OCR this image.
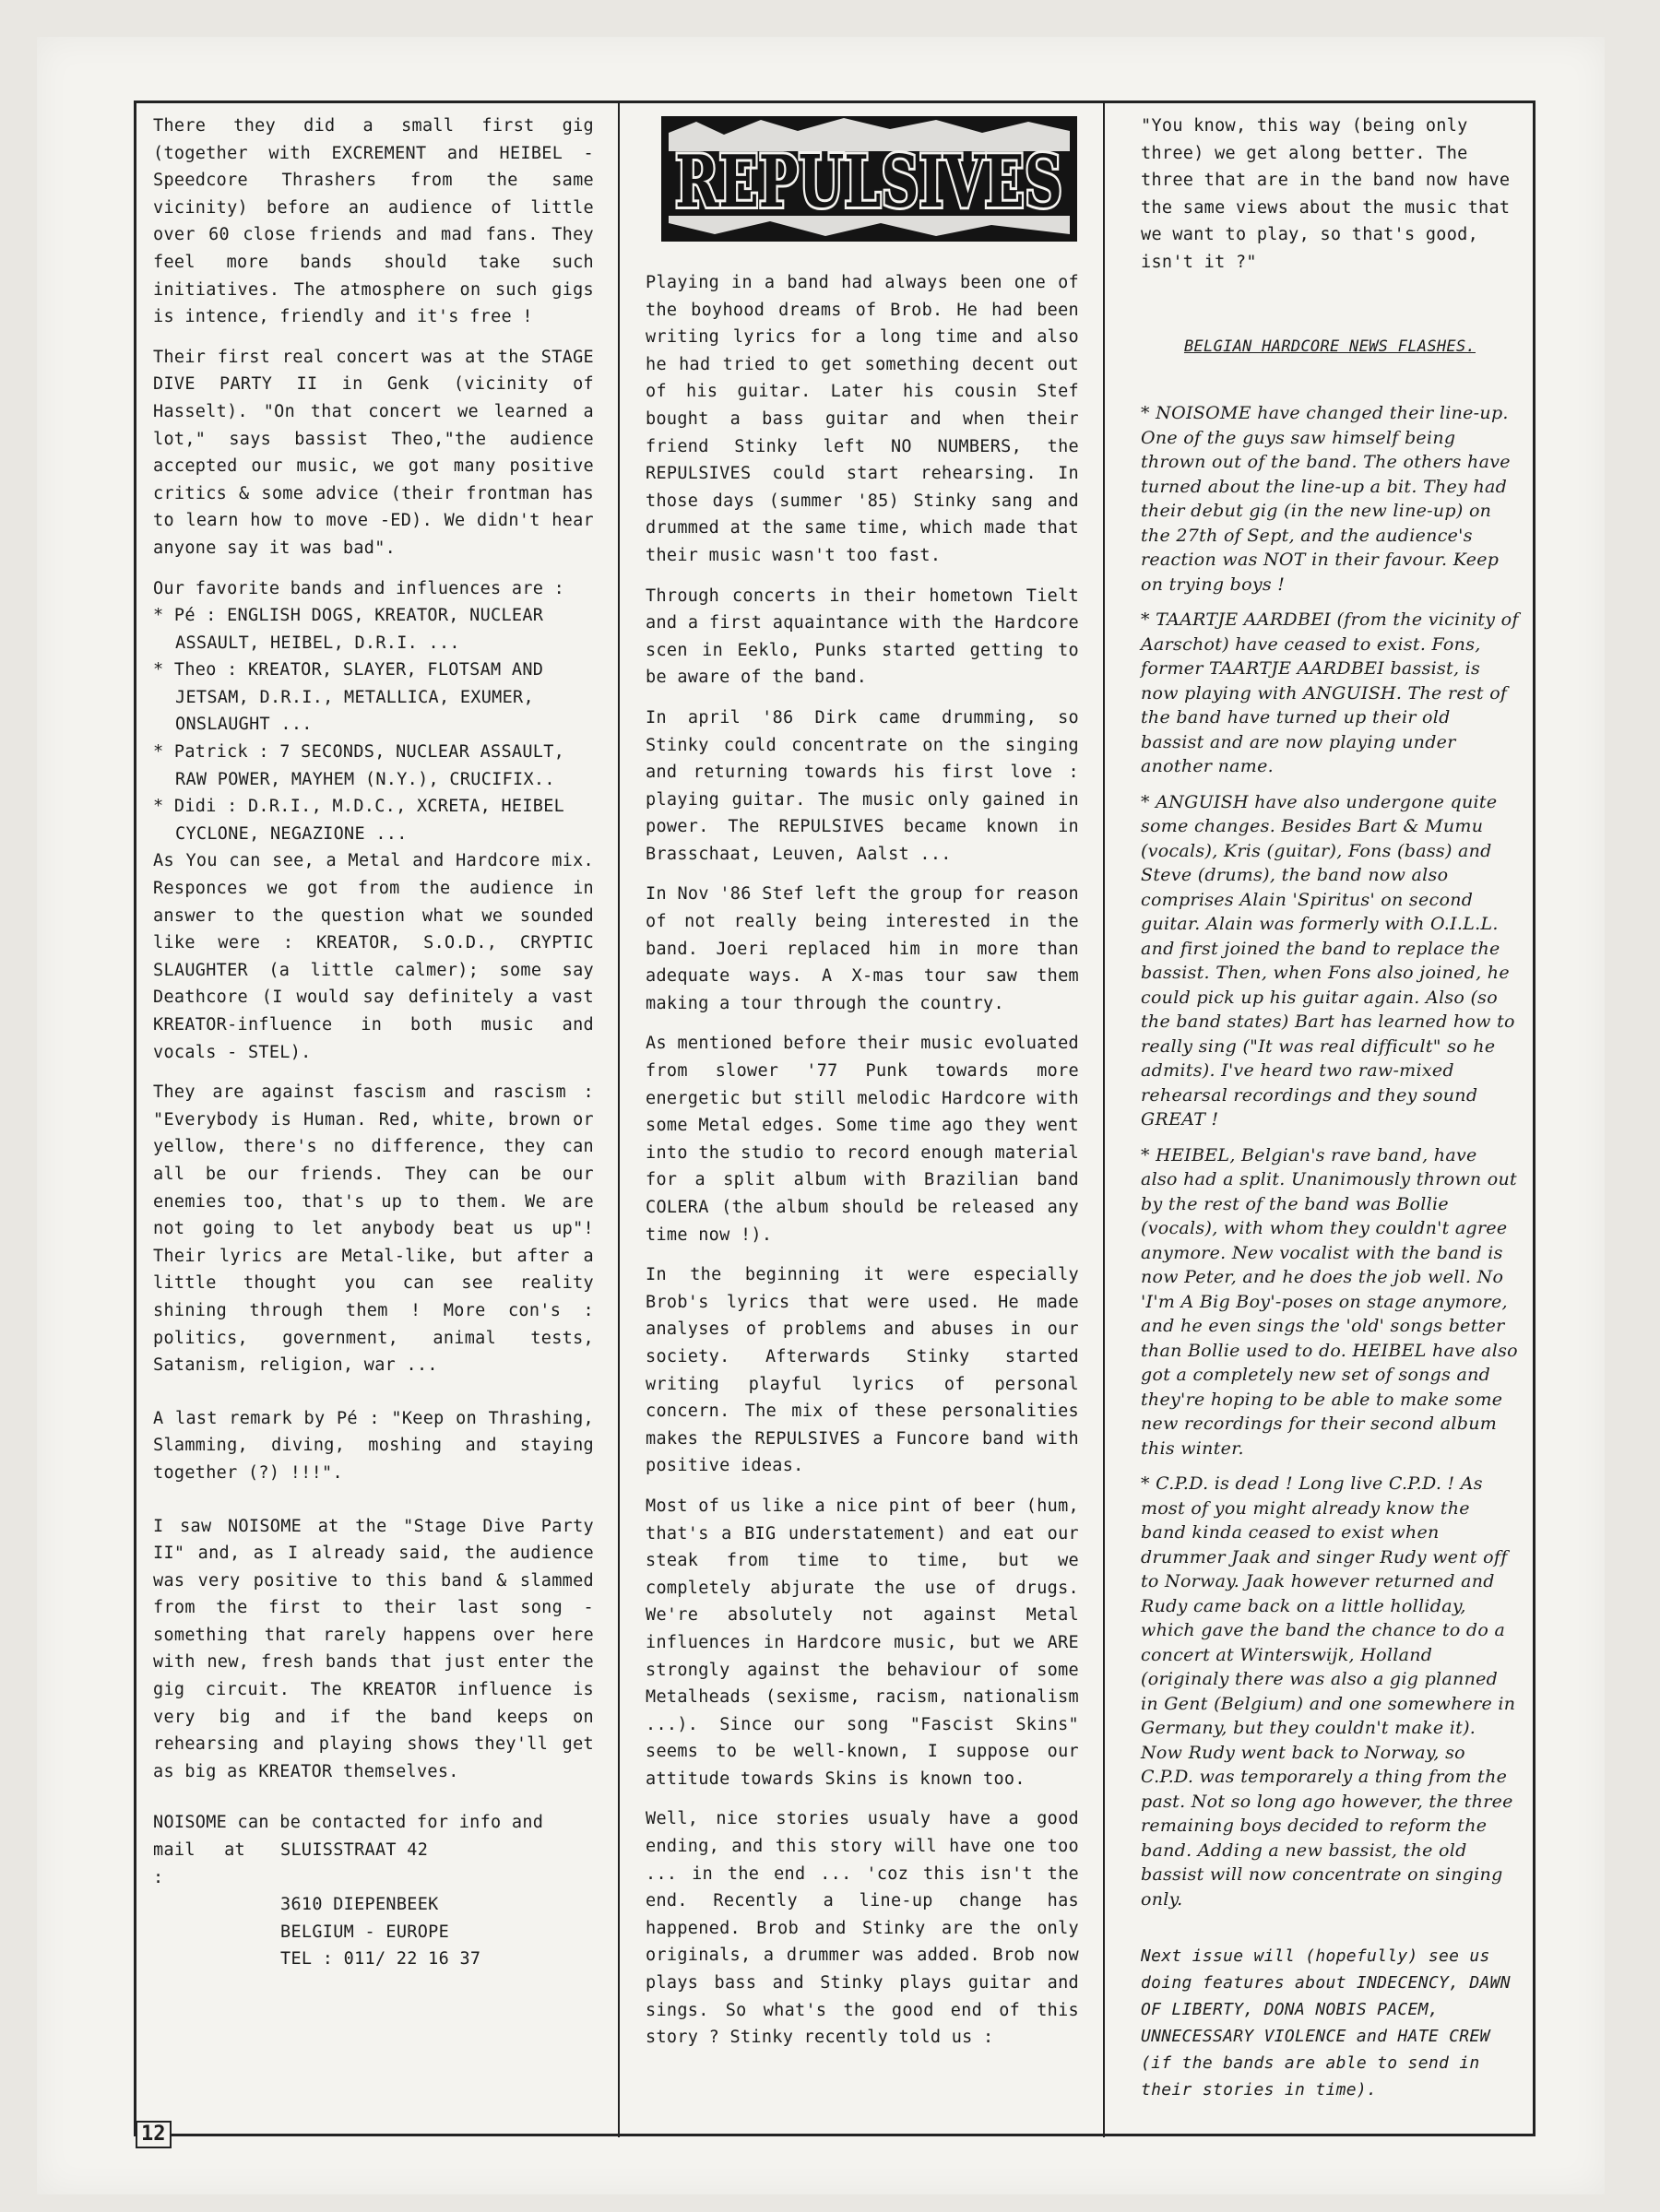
There they did a small first gig (together with EXCREMENT and HEIBEL - Speedcore Thrashers from the same vicinity) before an audience of little over 60 close friends and mad fans. They feel more bands should take such initiatives. The atmosphere on such gigs is intence, friendly and it's free !

Their first real concert was at the STAGE DIVE PARTY II in Genk (vicinity of Hasselt). "On that concert we learned a lot," says bassist Theo,"the audience accepted our music, we got many positive critics & some advice (their frontman has to learn how to move -ED). We didn't hear anyone say it was bad".

Our favorite bands and influences are :

* Pé : ENGLISH DOGS, KREATOR, NUCLEAR ASSAULT, HEIBEL, D.R.I. ...
* Theo : KREATOR, SLAYER, FLOTSAM AND JETSAM, D.R.I., METALLICA, EXUMER, ONSLAUGHT ...
* Patrick : 7 SECONDS, NUCLEAR ASSAULT, RAW POWER, MAYHEM (N.Y.), CRUCIFIX..
* Didi : D.R.I., M.D.C., XCRETA, HEIBEL CYCLONE, NEGAZIONE ...

As You can see, a Metal and Hardcore mix. Responces we got from the audience in answer to the question what we sounded like were : KREATOR, S.O.D., CRYPTIC SLAUGHTER (a little calmer); some say Deathcore (I would say definitely a vast KREATOR-influence in both music and vocals - STEL).

They are against fascism and rascism : "Everybody is Human. Red, white, brown or yellow, there's no difference, they can all be our friends. They can be our enemies too, that's up to them. We are not going to let anybody beat us up"! Their lyrics are Metal-like, but after a little thought you can see reality shining through them ! More con's : politics, government, animal tests, Satanism, religion, war ...

A last remark by Pé : "Keep on Thrashing, Slamming, diving, moshing and staying together (?) !!!".

I saw NOISOME at the "Stage Dive Party II" and, as I already said, the audience was very positive to this band & slammed from the first to their last song - something that rarely happens over here with new, fresh bands that just enter the gig circuit. The KREATOR influence is very big and if the band keeps on rehearsing and playing shows they'll get as big as KREATOR themselves.

NOISOME can be contacted for info and
mail at :
SLUISSTRAAT 42
3610 DIEPENBEEK
BELGIUM - EUROPE
TEL : 011/ 22 16 37
REPULSIVES

Playing in a band had always been one of the boyhood dreams of Brob. He had been writing lyrics for a long time and also he had tried to get something decent out of his guitar. Later his cousin Stef bought a bass guitar and when their friend Stinky left NO NUMBERS, the REPULSIVES could start rehearsing. In those days (summer '85) Stinky sang and drummed at the same time, which made that their music wasn't too fast.

Through concerts in their hometown Tielt and a first aquaintance with the Hardcore scen in Eeklo, Punks started getting to be aware of the band.

In april '86 Dirk came drumming, so Stinky could concentrate on the singing and returning towards his first love : playing guitar. The music only gained in power. The REPULSIVES became known in Brasschaat, Leuven, Aalst ...

In Nov '86 Stef left the group for reason of not really being interested in the band. Joeri replaced him in more than adequate ways. A X-mas tour saw them making a tour through the country.

As mentioned before their music evoluated from slower '77 Punk towards more energetic but still melodic Hardcore with some Metal edges. Some time ago they went into the studio to record enough material for a split album with Brazilian band COLERA (the album should be released any time now !).

In the beginning it were especially Brob's lyrics that were used. He made analyses of problems and abuses in our society. Afterwards Stinky started writing playful lyrics of personal concern. The mix of these personalities makes the REPULSIVES a Funcore band with positive ideas.

Most of us like a nice pint of beer (hum, that's a BIG understatement) and eat our steak from time to time, but we completely abjurate the use of drugs. We're absolutely not against Metal influences in Hardcore music, but we ARE strongly against the behaviour of some Metalheads (sexisme, racism, nationalism ...). Since our song "Fascist Skins" seems to be well-known, I suppose our attitude towards Skins is known too.

Well, nice stories usualy have a good ending, and this story will have one too ... in the end ... 'coz this isn't the end. Recently a line-up change has happened. Brob and Stinky are the only originals, a drummer was added. Brob now plays bass and Stinky plays guitar and sings. So what's the good end of this story ? Stinky recently told us :

"You know, this way (being only three) we get along better. The three that are in the band now have the same views about the music that we want to play, so that's good, isn't it ?"

BELGIAN HARDCORE NEWS FLASHES.

* NOISOME have changed their line-up. One of the guys saw himself being thrown out of the band. The others have turned about the line-up a bit. They had their debut gig (in the new line-up) on the 27th of Sept, and the audience's reaction was NOT in their favour. Keep on trying boys !

* TAARTJE AARDBEI (from the vicinity of Aarschot) have ceased to exist. Fons, former TAARTJE AARDBEI bassist, is now playing with ANGUISH. The rest of the band have turned up their old bassist and are now playing under another name.

* ANGUISH have also undergone quite some changes. Besides Bart & Mumu (vocals), Kris (guitar), Fons (bass) and Steve (drums), the band now also comprises Alain 'Spiritus' on second guitar. Alain was formerly with O.I.L.L. and first joined the band to replace the bassist. Then, when Fons also joined, he could pick up his guitar again. Also (so the band states) Bart has learned how to really sing ("It was real difficult" so he admits). I've heard two raw-mixed rehearsal recordings and they sound GREAT !

* HEIBEL, Belgian's rave band, have also had a split. Unanimously thrown out by the rest of the band was Bollie (vocals), with whom they couldn't agree anymore. New vocalist with the band is now Peter, and he does the job well. No 'I'm A Big Boy'-poses on stage anymore, and he even sings the 'old' songs better than Bollie used to do. HEIBEL have also got a completely new set of songs and they're hoping to be able to make some new recordings for their second album this winter.

* C.P.D. is dead ! Long live C.P.D. ! As most of you might already know the band kinda ceased to exist when drummer Jaak and singer Rudy went off to Norway. Jaak however returned and Rudy came back on a little holliday, which gave the band the chance to do a concert at Winterswijk, Holland (originaly there was also a gig planned in Gent (Belgium) and one somewhere in Germany, but they couldn't make it). Now Rudy went back to Norway, so C.P.D. was temporarely a thing from the past. Not so long ago however, the three remaining boys decided to reform the band. Adding a new bassist, the old bassist will now concentrate on singing only.

Next issue will (hopefully) see us doing features about INDECENCY, DAWN OF LIBERTY, DONA NOBIS PACEM, UNNECESSARY VIOLENCE and HATE CREW (if the bands are able to send in their stories in time).
12
